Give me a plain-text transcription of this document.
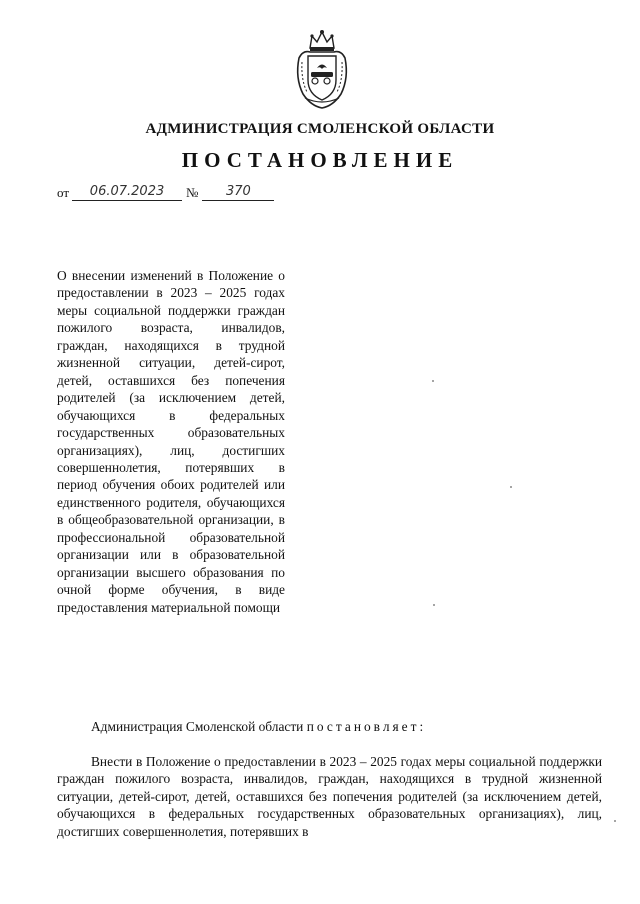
АДМИНИСТРАЦИЯ СМОЛЕНСКОЙ ОБЛАСТИ
ПОСТАНОВЛЕНИЕ
от 06.07.2023 № 370
О внесении изменений в Положение о предоставлении в 2023 – 2025 годах меры социальной поддержки граждан пожилого возраста, инвалидов, граждан, находящихся в трудной жизненной ситуации, детей-сирот, детей, оставшихся без попечения родителей (за исключением детей, обучающихся в федеральных государственных образовательных организациях), лиц, достигших совершеннолетия, потерявших в период обучения обоих родителей или единственного родителя, обучающихся в общеобразовательной организации, в профессиональной образовательной организации или в образовательной организации высшего образования по очной форме обучения, в виде предоставления материальной помощи
Администрация Смоленской области постановляет:
Внести в Положение о предоставлении в 2023 – 2025 годах меры социальной поддержки граждан пожилого возраста, инвалидов, граждан, находящихся в трудной жизненной ситуации, детей-сирот, детей, оставшихся без попечения родителей (за исключением детей, обучающихся в федеральных государственных образовательных организациях), лиц, достигших совершеннолетия, потерявших в
